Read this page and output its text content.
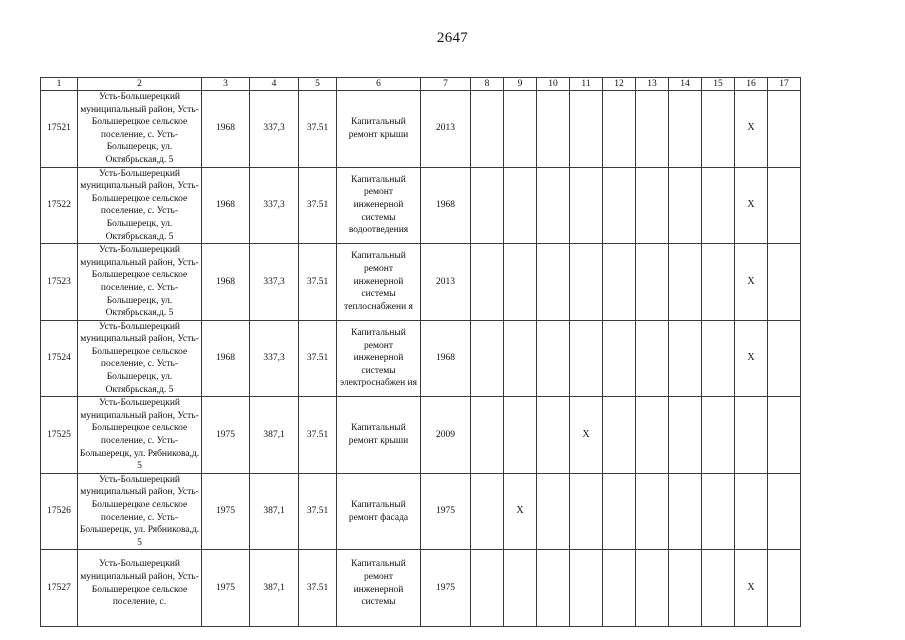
2647
1	2	3	4	5	6	7	8	9	10	11	12	13	14	15	16	17
17521	Усть-Большерецкий муниципальный район, Усть-Большерецкое сельское поселение, с. Усть-Большерецк, ул. Октябрьская,д. 5	1968	337,3	37.51	Капитальный ремонт крыши	2013									Х	
17522	Усть-Большерецкий муниципальный район, Усть-Большерецкое сельское поселение, с. Усть-Большерецк, ул. Октябрьская,д. 5	1968	337,3	37.51	Капитальный ремонт инженерной системы водоотведения	1968									Х	
17523	Усть-Большерецкий муниципальный район, Усть-Большерецкое сельское поселение, с. Усть-Большерецк, ул. Октябрьская,д. 5	1968	337,3	37.51	Капитальный ремонт инженерной системы теплоснабжени я	2013									Х	
17524	Усть-Большерецкий муниципальный район, Усть-Большерецкое сельское поселение, с. Усть-Большерецк, ул. Октябрьская,д. 5	1968	337,3	37.51	Капитальный ремонт инженерной системы электроснабжен ия	1968									Х	
17525	Усть-Большерецкий муниципальный район, Усть-Большерецкое сельское поселение, с. Усть-Большерецк, ул. Рябникова,д. 5	1975	387,1	37.51	Капитальный ремонт крыши	2009				Х						
17526	Усть-Большерецкий муниципальный район, Усть-Большерецкое сельское поселение, с. Усть-Большерецк, ул. Рябникова,д. 5	1975	387,1	37.51	Капитальный ремонт фасада	1975		Х								
17527	Усть-Большерецкий муниципальный район, Усть-Большерецкое сельское поселение, с.	1975	387,1	37.51	Капитальный ремонт инженерной системы	1975									Х	
